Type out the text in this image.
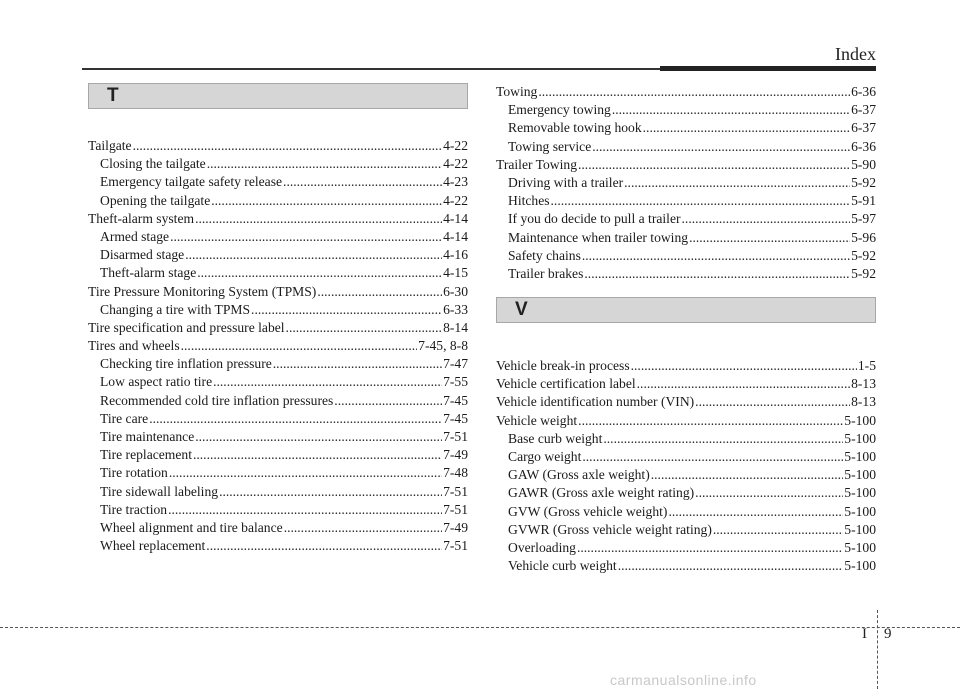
Index
T
Tailgate .....	4-22
Closing the tailgate .....	4-22
Emergency tailgate safety release .....	4-23
Opening the tailgate .....	4-22
Theft-alarm system .....	4-14
Armed stage .....	4-14
Disarmed stage .....	4-16
Theft-alarm stage .....	4-15
Tire Pressure Monitoring System (TPMS) .....	6-30
Changing a tire with TPMS .....	6-33
Tire specification and pressure label .....	8-14
Tires and wheels .....	7-45, 8-8
Checking tire inflation pressure .....	7-47
Low aspect ratio tire .....	7-55
Recommended cold tire inflation pressures .....	7-45
Tire care .....	7-45
Tire maintenance .....	7-51
Tire replacement .....	7-49
Tire rotation .....	7-48
Tire sidewall labeling .....	7-51
Tire traction .....	7-51
Wheel alignment and tire balance .....	7-49
Wheel replacement .....	7-51
Towing .....	6-36
Emergency towing .....	6-37
Removable towing hook .....	6-37
Towing service .....	6-36
Trailer Towing .....	5-90
Driving with a trailer .....	5-92
Hitches .....	5-91
If you do decide to pull a trailer .....	5-97
Maintenance when trailer towing .....	5-96
Safety chains .....	5-92
Trailer brakes .....	5-92
V
Vehicle break-in process .....	1-5
Vehicle certification label .....	8-13
Vehicle identification number (VIN) .....	8-13
Vehicle weight .....	5-100
Base curb weight .....	5-100
Cargo weight .....	5-100
GAW (Gross axle weight) .....	5-100
GAWR (Gross axle weight rating) .....	5-100
GVW (Gross vehicle weight) .....	5-100
GVWR (Gross vehicle weight rating) .....	5-100
Overloading .....	5-100
Vehicle curb weight .....	5-100
I 9
carmanualsonline.info
